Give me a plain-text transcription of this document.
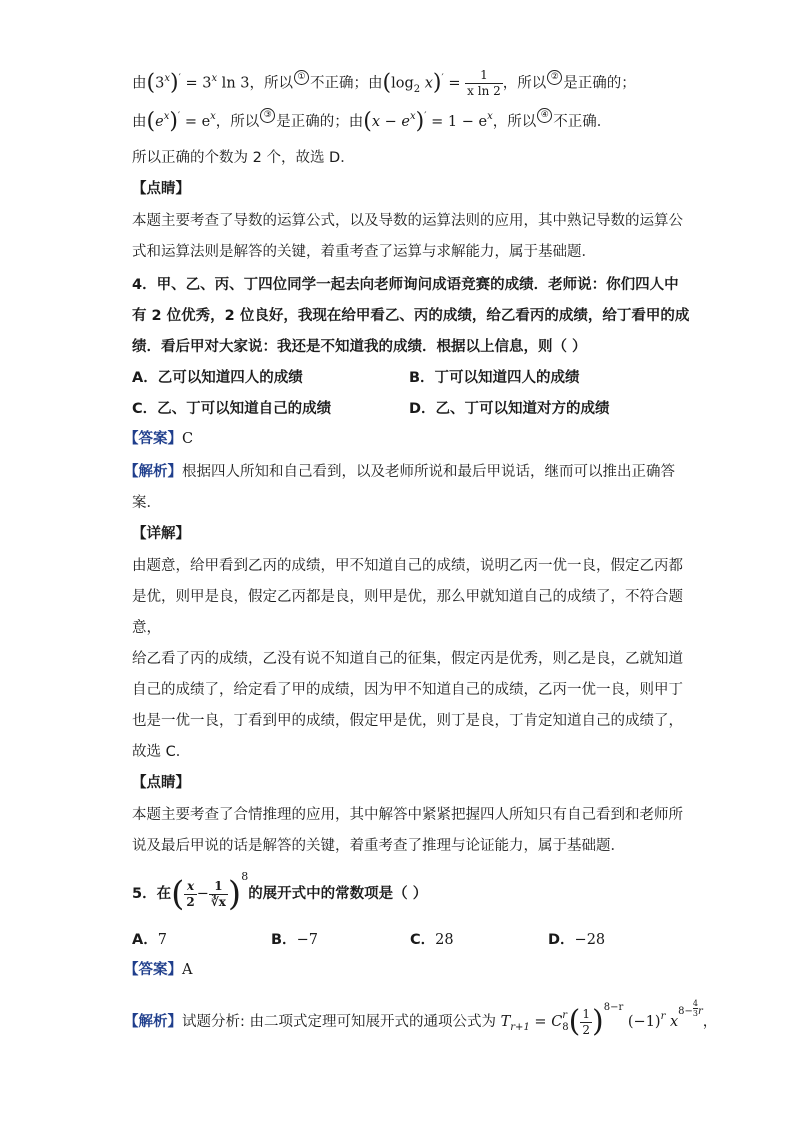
由$(3^x)' = 3^x$ ln 3，所以 ① 不正确；由($\log_2$ $x)' = \frac{1}{\text{x ln 2}}$ ，所以 ② 是正确的；
由$(e^x)' = e^x$，所以 ③ 是正确的；由$(x - e^x)' = 1 - e^x$，所以 ④ 不正确．
所以正确的个数为 2 个，故选 D．
【点睛】
本题主要考查了导数的运算公式，以及导数的运算法则的应用，其中熟记导数的运算公
式和运算法则是解答的关键，着重考查了运算与求解能力，属于基础题．
4．甲、乙、丙、丁四位同学一起去向老师询问成语竞赛的成绩．老师说：你们四人中
有 2 位优秀，2 位良好，我现在给甲看乙、丙的成绩，给乙看丙的成绩，给丁看甲的成
绩．看后甲对大家说：我还是不知道我的成绩．根据以上信息，则（ ）
A．乙可以知道四人的成绩	B．丁可以知道四人的成绩
C．乙、丁可以知道自己的成绩	D．乙、丁可以知道对方的成绩
【答案】C
【解析】根据四人所知和自己看到，以及老师所说和最后甲说话，继而可以推出正确答
案．
【详解】
由题意，给甲看到乙丙的成绩，甲不知道自己的成绩，说明乙丙一优一良，假定乙丙都
是优，则甲是良，假定乙丙都是良，则甲是优，那么甲就知道自己的成绩了，不符合题
意，
给乙看了丙的成绩，乙没有说不知道自己的征集，假定丙是优秀，则乙是良，乙就知道
自己的成绩了，给定看了甲的成绩，因为甲不知道自己的成绩，乙丙一优一良，则甲丁
也是一优一良，丁看到甲的成绩，假定甲是优，则丁是良，丁肯定知道自己的成绩了，
故选 C．
【点睛】
本题主要考查了合情推理的应用，其中解答中紧紧把握四人所知只有自己看到和老师所
说及最后甲说的话是解答的关键，着重考查了推理与论证能力，属于基础题．
5．在( $\frac{x}{2} - \frac{1}{∛x} )^8$的展开式中的常数项是（ ）
A．7	B．−7	C．28	D．−28
【答案】A
【解析】试题分析: 由二项式定理可知展开式的通项公式为 $T_{r+1} = C$ r
8 ( $\frac{1}{2} )^{8-r}$ $(-1)^r$ $x^{8-} \frac{4}{3} ^r$，
